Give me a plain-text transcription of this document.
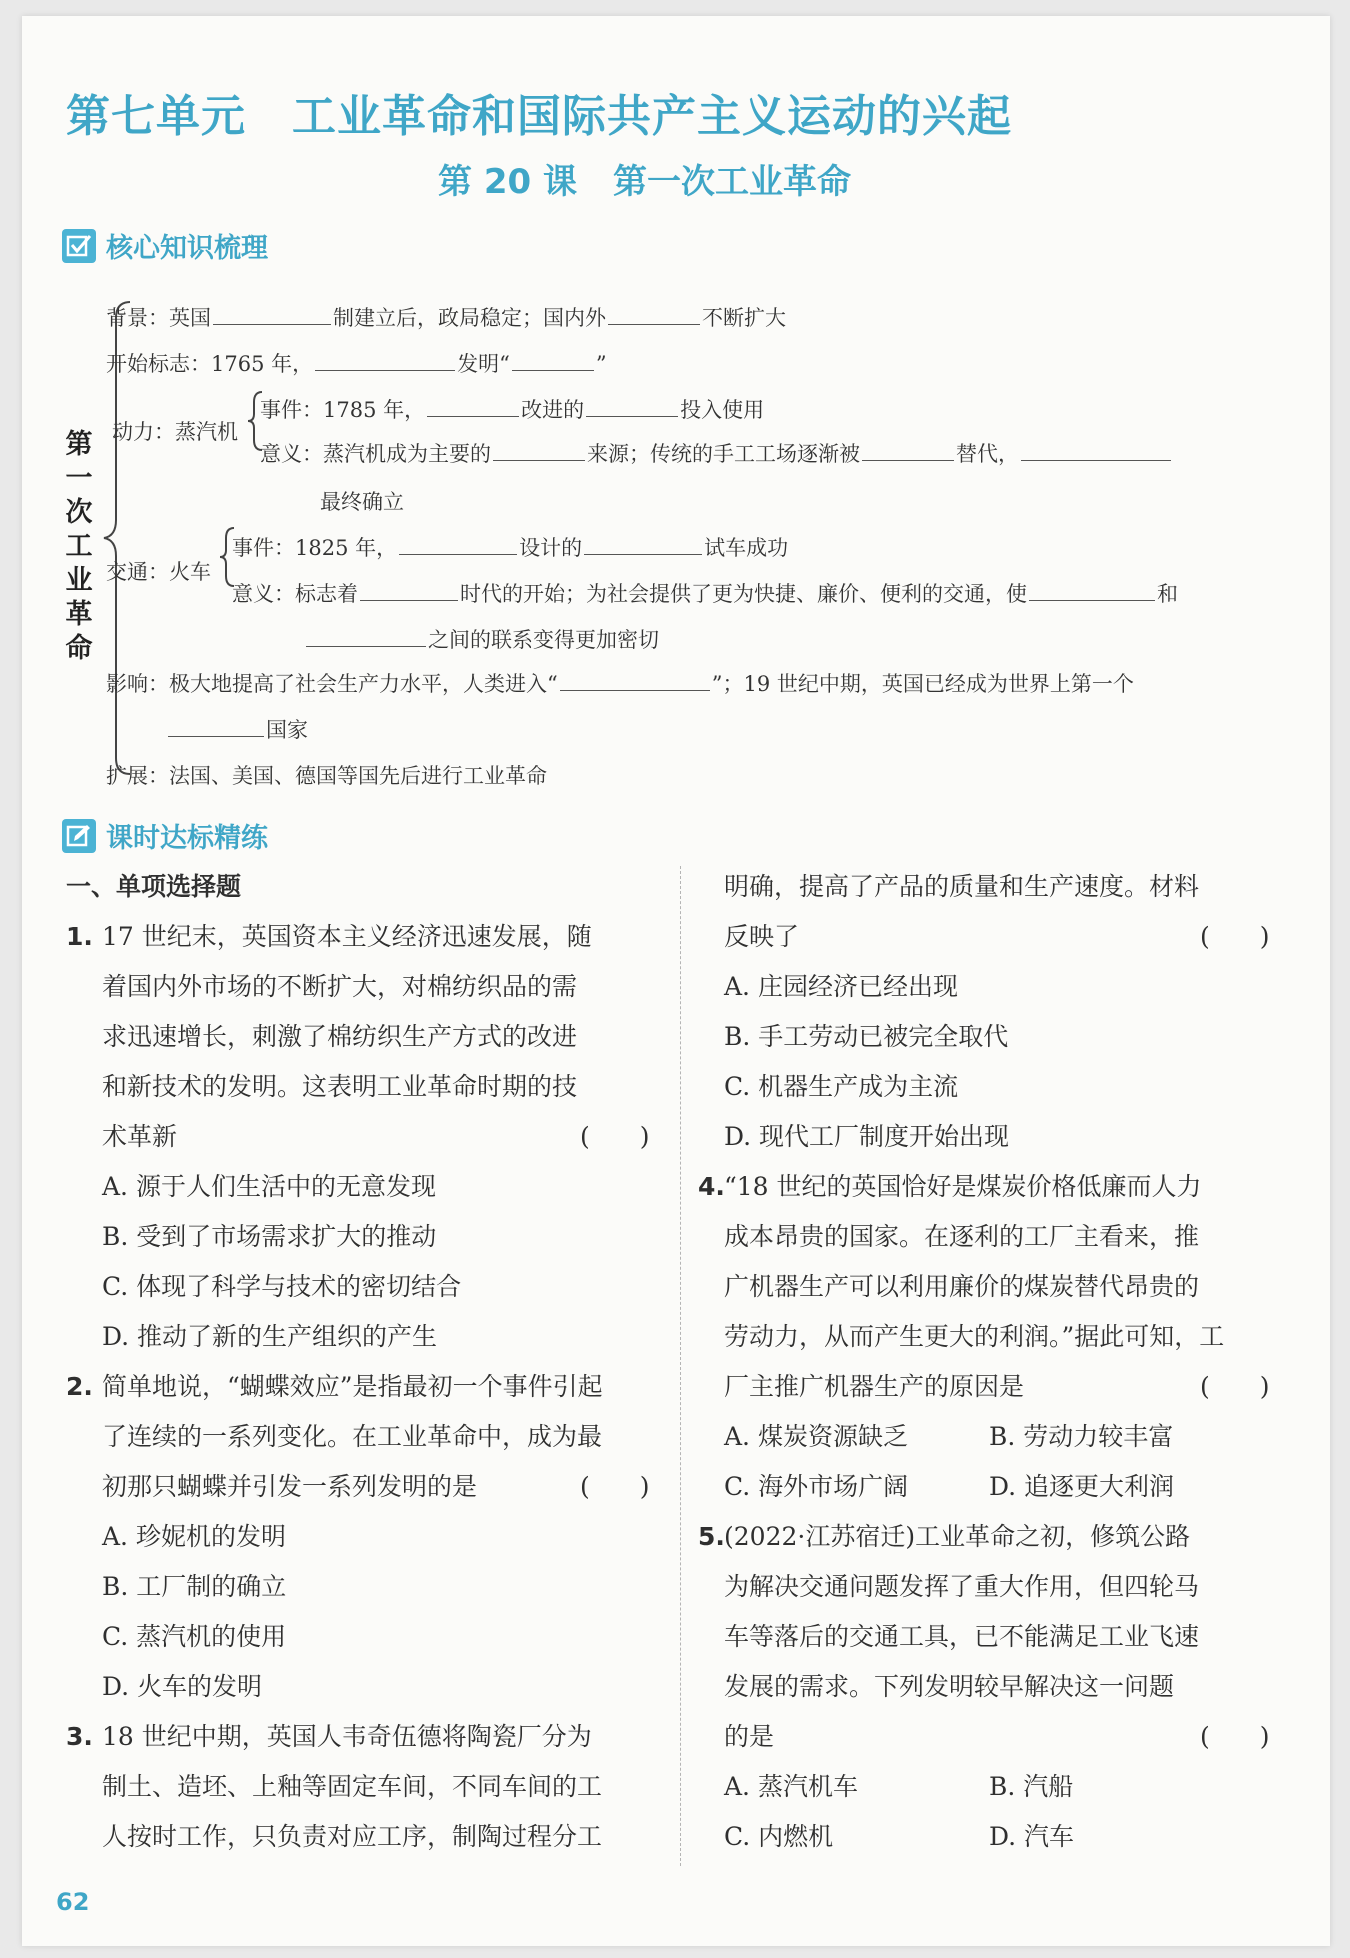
第七单元 工业革命和国际共产主义运动的兴起
第 20 课 第一次工业革命
核心知识梳理
第一次工业革命
背景：英国	制建立后，政局稳定；国内外	不断扩大
开始标志：1765 年，	发明“	”
动力：蒸汽机
事件：1785 年，	改进的	投入使用
意义：蒸汽机成为主要的	来源；传统的手工工场逐渐被	替代，
最终确立
交通：火车
事件：1825 年，	设计的	试车成功
意义：标志着	时代的开始；为社会提供了更为快捷、廉价、便利的交通，使	和
之间的联系变得更加密切
影响：极大地提高了社会生产力水平，人类进入“	”；19 世纪中期，英国已经成为世界上第一个
国家
扩展：法国、美国、德国等国先后进行工业革命
课时达标精练
一、单项选择题
1. 17 世纪末，英国资本主义经济迅速发展，随
着国内外市场的不断扩大，对棉纺织品的需
求迅速增长，刺激了棉纺织生产方式的改进
和新技术的发明。这表明工业革命时期的技
术革新	(　　)
A. 源于人们生活中的无意发现
B. 受到了市场需求扩大的推动
C. 体现了科学与技术的密切结合
D. 推动了新的生产组织的产生
2. 简单地说，“蝴蝶效应”是指最初一个事件引起
了连续的一系列变化。在工业革命中，成为最
初那只蝴蝶并引发一系列发明的是	(　　)
A. 珍妮机的发明
B. 工厂制的确立
C. 蒸汽机的使用
D. 火车的发明
3. 18 世纪中期，英国人韦奇伍德将陶瓷厂分为
制土、造坯、上釉等固定车间，不同车间的工
人按时工作，只负责对应工序，制陶过程分工
明确，提高了产品的质量和生产速度。材料
反映了	(　　)
A. 庄园经济已经出现
B. 手工劳动已被完全取代
C. 机器生产成为主流
D. 现代工厂制度开始出现
4. “18 世纪的英国恰好是煤炭价格低廉而人力
成本昂贵的国家。在逐利的工厂主看来，推
广机器生产可以利用廉价的煤炭替代昂贵的
劳动力，从而产生更大的利润。”据此可知，工
厂主推广机器生产的原因是	(　　)
A. 煤炭资源缺乏	B. 劳动力较丰富
C. 海外市场广阔	D. 追逐更大利润
5. (2022·江苏宿迁)工业革命之初，修筑公路
为解决交通问题发挥了重大作用，但四轮马
车等落后的交通工具，已不能满足工业飞速
发展的需求。下列发明较早解决这一问题
的是	(　　)
A. 蒸汽机车	B. 汽船
C. 内燃机	D. 汽车
62
